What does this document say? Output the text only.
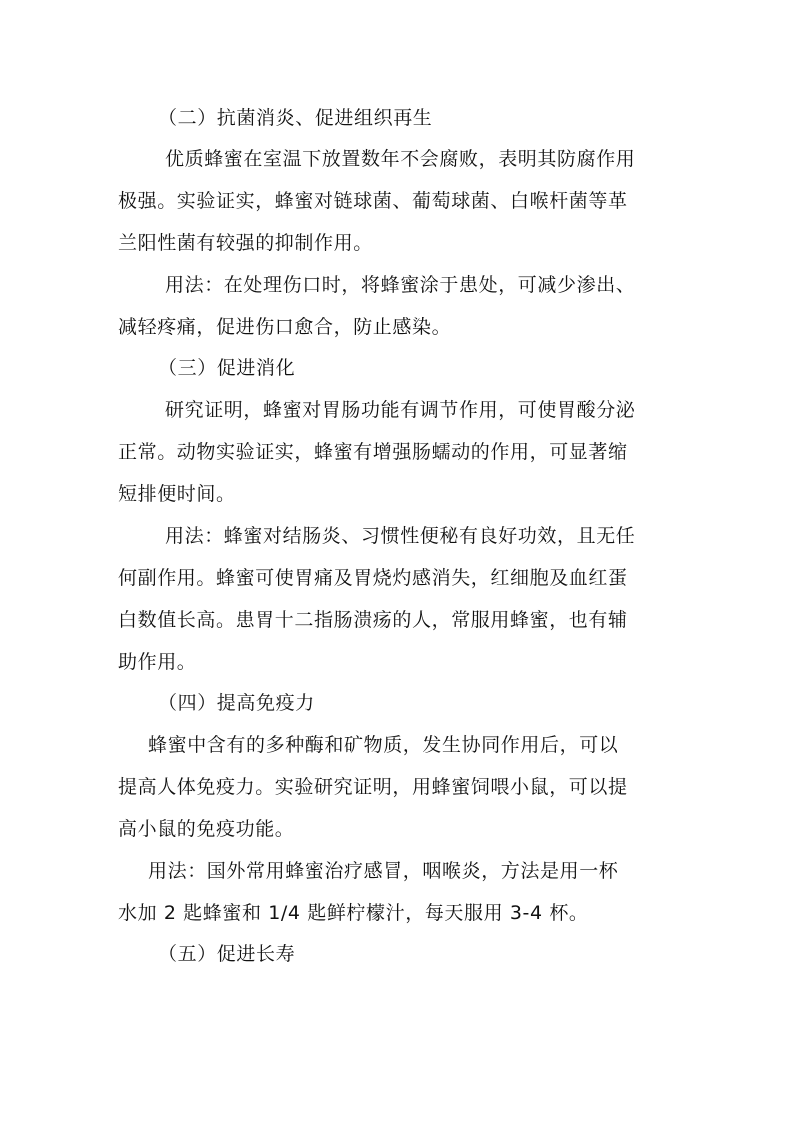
（二）抗菌消炎、促进组织再生
优质蜂蜜在室温下放置数年不会腐败，表明其防腐作用
极强。实验证实，蜂蜜对链球菌、葡萄球菌、白喉杆菌等革
兰阳性菌有较强的抑制作用。
用法：在处理伤口时，将蜂蜜涂于患处，可减少渗出、
减轻疼痛，促进伤口愈合，防止感染。
（三）促进消化
研究证明，蜂蜜对胃肠功能有调节作用，可使胃酸分泌
正常。动物实验证实，蜂蜜有增强肠蠕动的作用，可显著缩
短排便时间。
用法：蜂蜜对结肠炎、习惯性便秘有良好功效，且无任
何副作用。蜂蜜可使胃痛及胃烧灼感消失，红细胞及血红蛋
白数值长高。患胃十二指肠溃疡的人，常服用蜂蜜，也有辅
助作用。
（四）提高免疫力
蜂蜜中含有的多种酶和矿物质，发生协同作用后，可以
提高人体免疫力。实验研究证明，用蜂蜜饲喂小鼠，可以提
高小鼠的免疫功能。
用法：国外常用蜂蜜治疗感冒，咽喉炎，方法是用一杯
水加 2 匙蜂蜜和 1/4 匙鲜柠檬汁，每天服用 3-4 杯。
（五）促进长寿
